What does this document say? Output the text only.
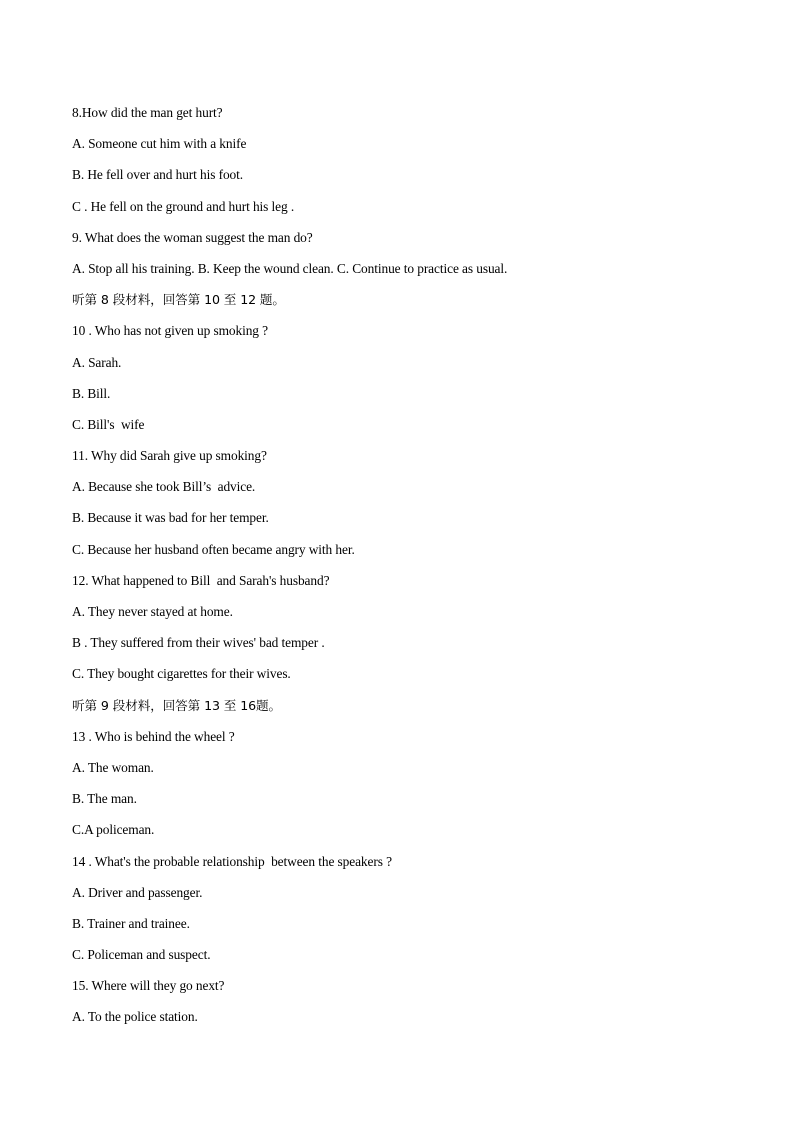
8.How did the man get hurt?
A. Someone cut him with a knife
B. He fell over and hurt his foot.
C . He fell on the ground and hurt his leg .
9. What does the woman suggest the man do?
A. Stop all his training. B. Keep the wound clean. C. Continue to practice as usual.
听第 8 段材料，回答第 10 至 12 题。
10 . Who has not given up smoking ?
A. Sarah.
B. Bill.
C. Bill's  wife
11. Why did Sarah give up smoking?
A. Because she took Bill’s  advice.
B. Because it was bad for her temper.
C. Because her husband often became angry with her.
12. What happened to Bill  and Sarah's husband?
A. They never stayed at home.
B . They suffered from their wives' bad temper .
C. They bought cigarettes for their wives.
听第 9 段材料，回答第 13 至 16题。
13 . Who is behind the wheel ?
A. The woman.
B. The man.
C.A policeman.
14 . What's the probable relationship  between the speakers ?
A. Driver and passenger.
B. Trainer and trainee.
C. Policeman and suspect.
15. Where will they go next?
A. To the police station.
